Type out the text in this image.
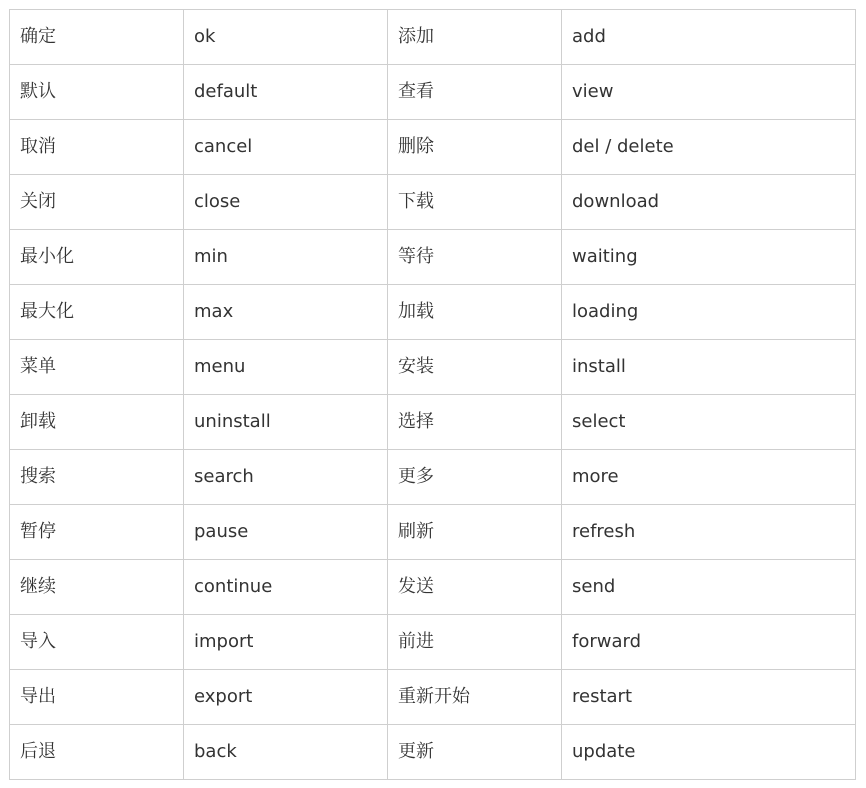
确定	ok	添加	add
默认	default	查看	view
取消	cancel	删除	del / delete
关闭	close	下载	download
最小化	min	等待	waiting
最大化	max	加载	loading
菜单	menu	安装	install
卸载	uninstall	选择	select
搜索	search	更多	more
暂停	pause	刷新	refresh
继续	continue	发送	send
导入	import	前进	forward
导出	export	重新开始	restart
后退	back	更新	update
